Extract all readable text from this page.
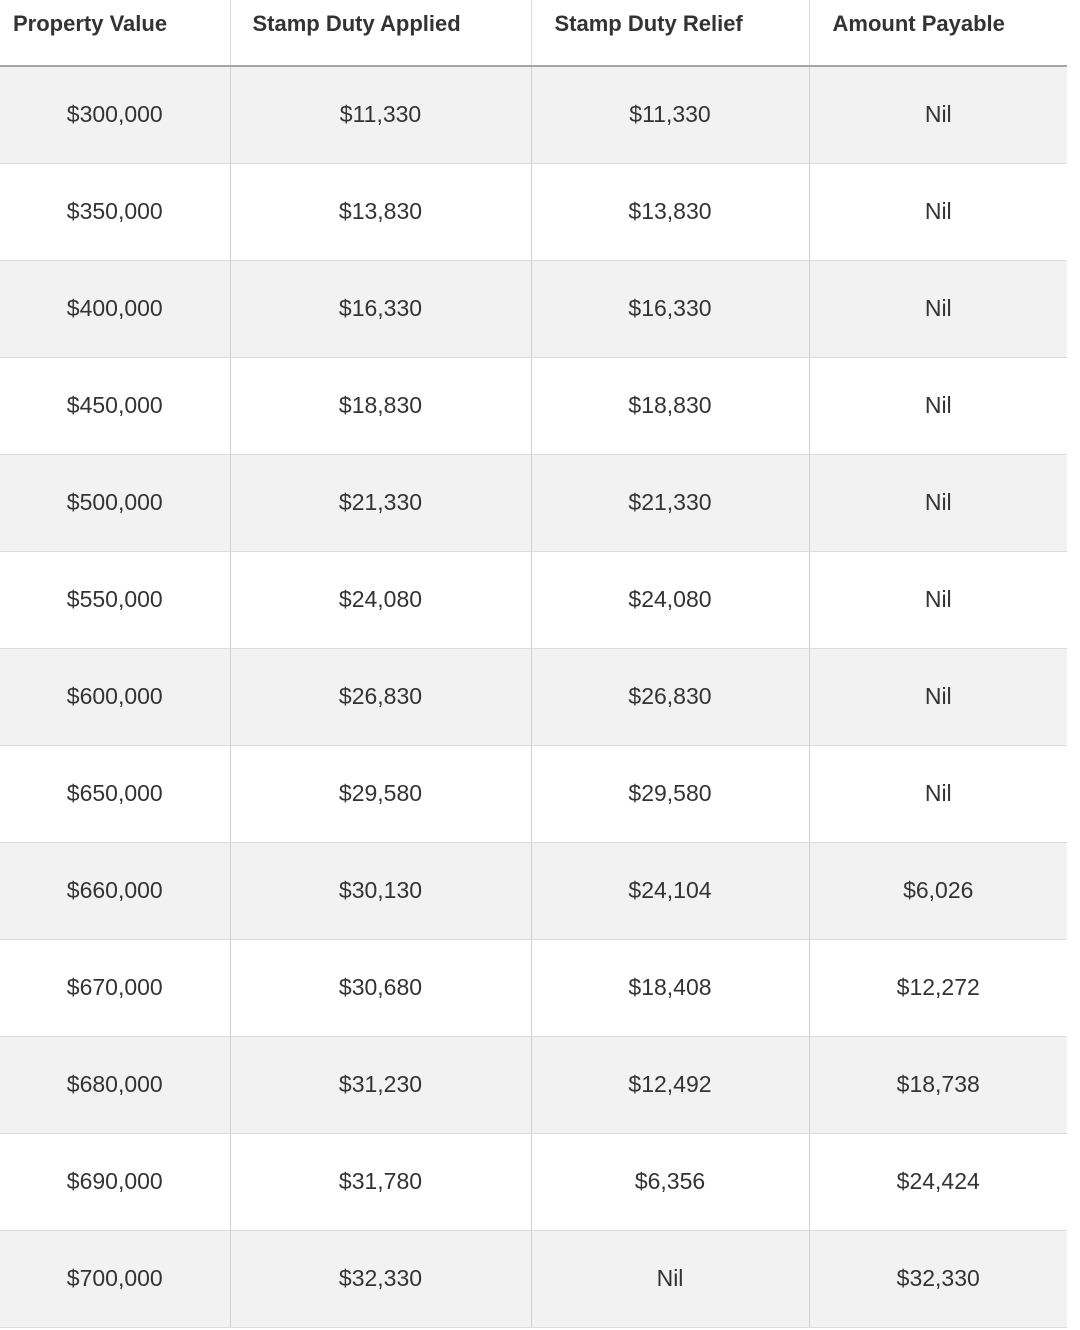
Property Value	Stamp Duty Applied	Stamp Duty Relief	Amount Payable
$300,000	$11,330	$11,330	Nil
$350,000	$13,830	$13,830	Nil
$400,000	$16,330	$16,330	Nil
$450,000	$18,830	$18,830	Nil
$500,000	$21,330	$21,330	Nil
$550,000	$24,080	$24,080	Nil
$600,000	$26,830	$26,830	Nil
$650,000	$29,580	$29,580	Nil
$660,000	$30,130	$24,104	$6,026
$670,000	$30,680	$18,408	$12,272
$680,000	$31,230	$12,492	$18,738
$690,000	$31,780	$6,356	$24,424
$700,000	$32,330	Nil	$32,330
